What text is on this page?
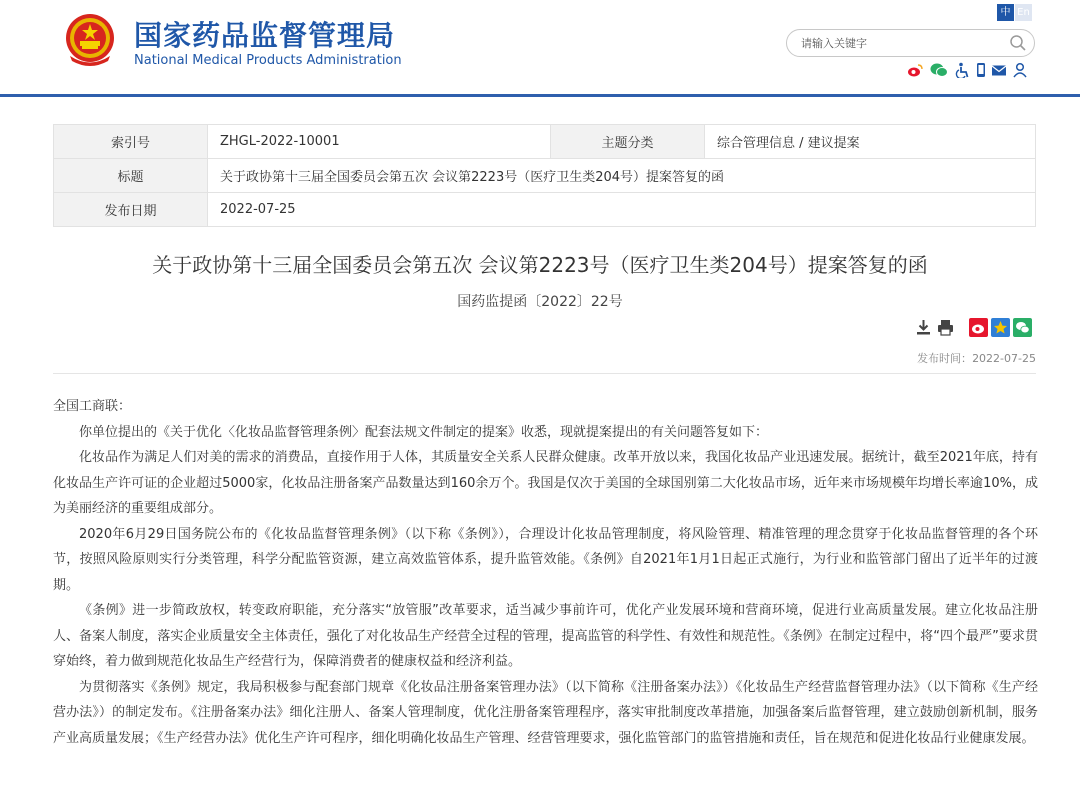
国家药品监督管理局
National Medical Products Administration
中 En
请输入关键字
索引号	ZHGL-2022-10001	主题分类	综合管理信息 / 建议提案
标题	关于政协第十三届全国委员会第五次 会议第2223号（医疗卫生类204号）提案答复的函		
发布日期	2022-07-25		
关于政协第十三届全国委员会第五次 会议第2223号（医疗卫生类204号）提案答复的函
国药监提函〔2022〕22号
发布时间：2022-07-25

全国工商联：

你单位提出的《关于优化〈化妆品监督管理条例〉配套法规文件制定的提案》收悉，现就提案提出的有关问题答复如下：

化妆品作为满足人们对美的需求的消费品，直接作用于人体，其质量安全关系人民群众健康。改革开放以来，我国化妆品产业迅速发展。据统计，截至2021年底，持有化妆品生产许可证的企业超过5000家，化妆品注册备案产品数量达到160余万个。我国是仅次于美国的全球国别第二大化妆品市场，近年来市场规模年均增长率逾10%，成为美丽经济的重要组成部分。

2020年6月29日国务院公布的《化妆品监督管理条例》（以下称《条例》），合理设计化妆品管理制度，将风险管理、精准管理的理念贯穿于化妆品监督管理的各个环节，按照风险原则实行分类管理，科学分配监管资源，建立高效监管体系，提升监管效能。《条例》自2021年1月1日起正式施行，为行业和监管部门留出了近半年的过渡期。

《条例》进一步简政放权，转变政府职能，充分落实“放管服”改革要求，适当减少事前许可，优化产业发展环境和营商环境，促进行业高质量发展。建立化妆品注册人、备案人制度，落实企业质量安全主体责任，强化了对化妆品生产经营全过程的管理，提高监管的科学性、有效性和规范性。《条例》在制定过程中，将“四个最严”要求贯穿始终，着力做到规范化妆品生产经营行为，保障消费者的健康权益和经济利益。

为贯彻落实《条例》规定，我局积极参与配套部门规章《化妆品注册备案管理办法》（以下简称《注册备案办法》）《化妆品生产经营监督管理办法》（以下简称《生产经营办法》）的制定发布。《注册备案办法》细化注册人、备案人管理制度，优化注册备案管理程序，落实审批制度改革措施，加强备案后监督管理，建立鼓励创新机制，服务产业高质量发展；《生产经营办法》优化生产许可程序，细化明确化妆品生产管理、经营管理要求，强化监管部门的监管措施和责任，旨在规范和促进化妆品行业健康发展。
